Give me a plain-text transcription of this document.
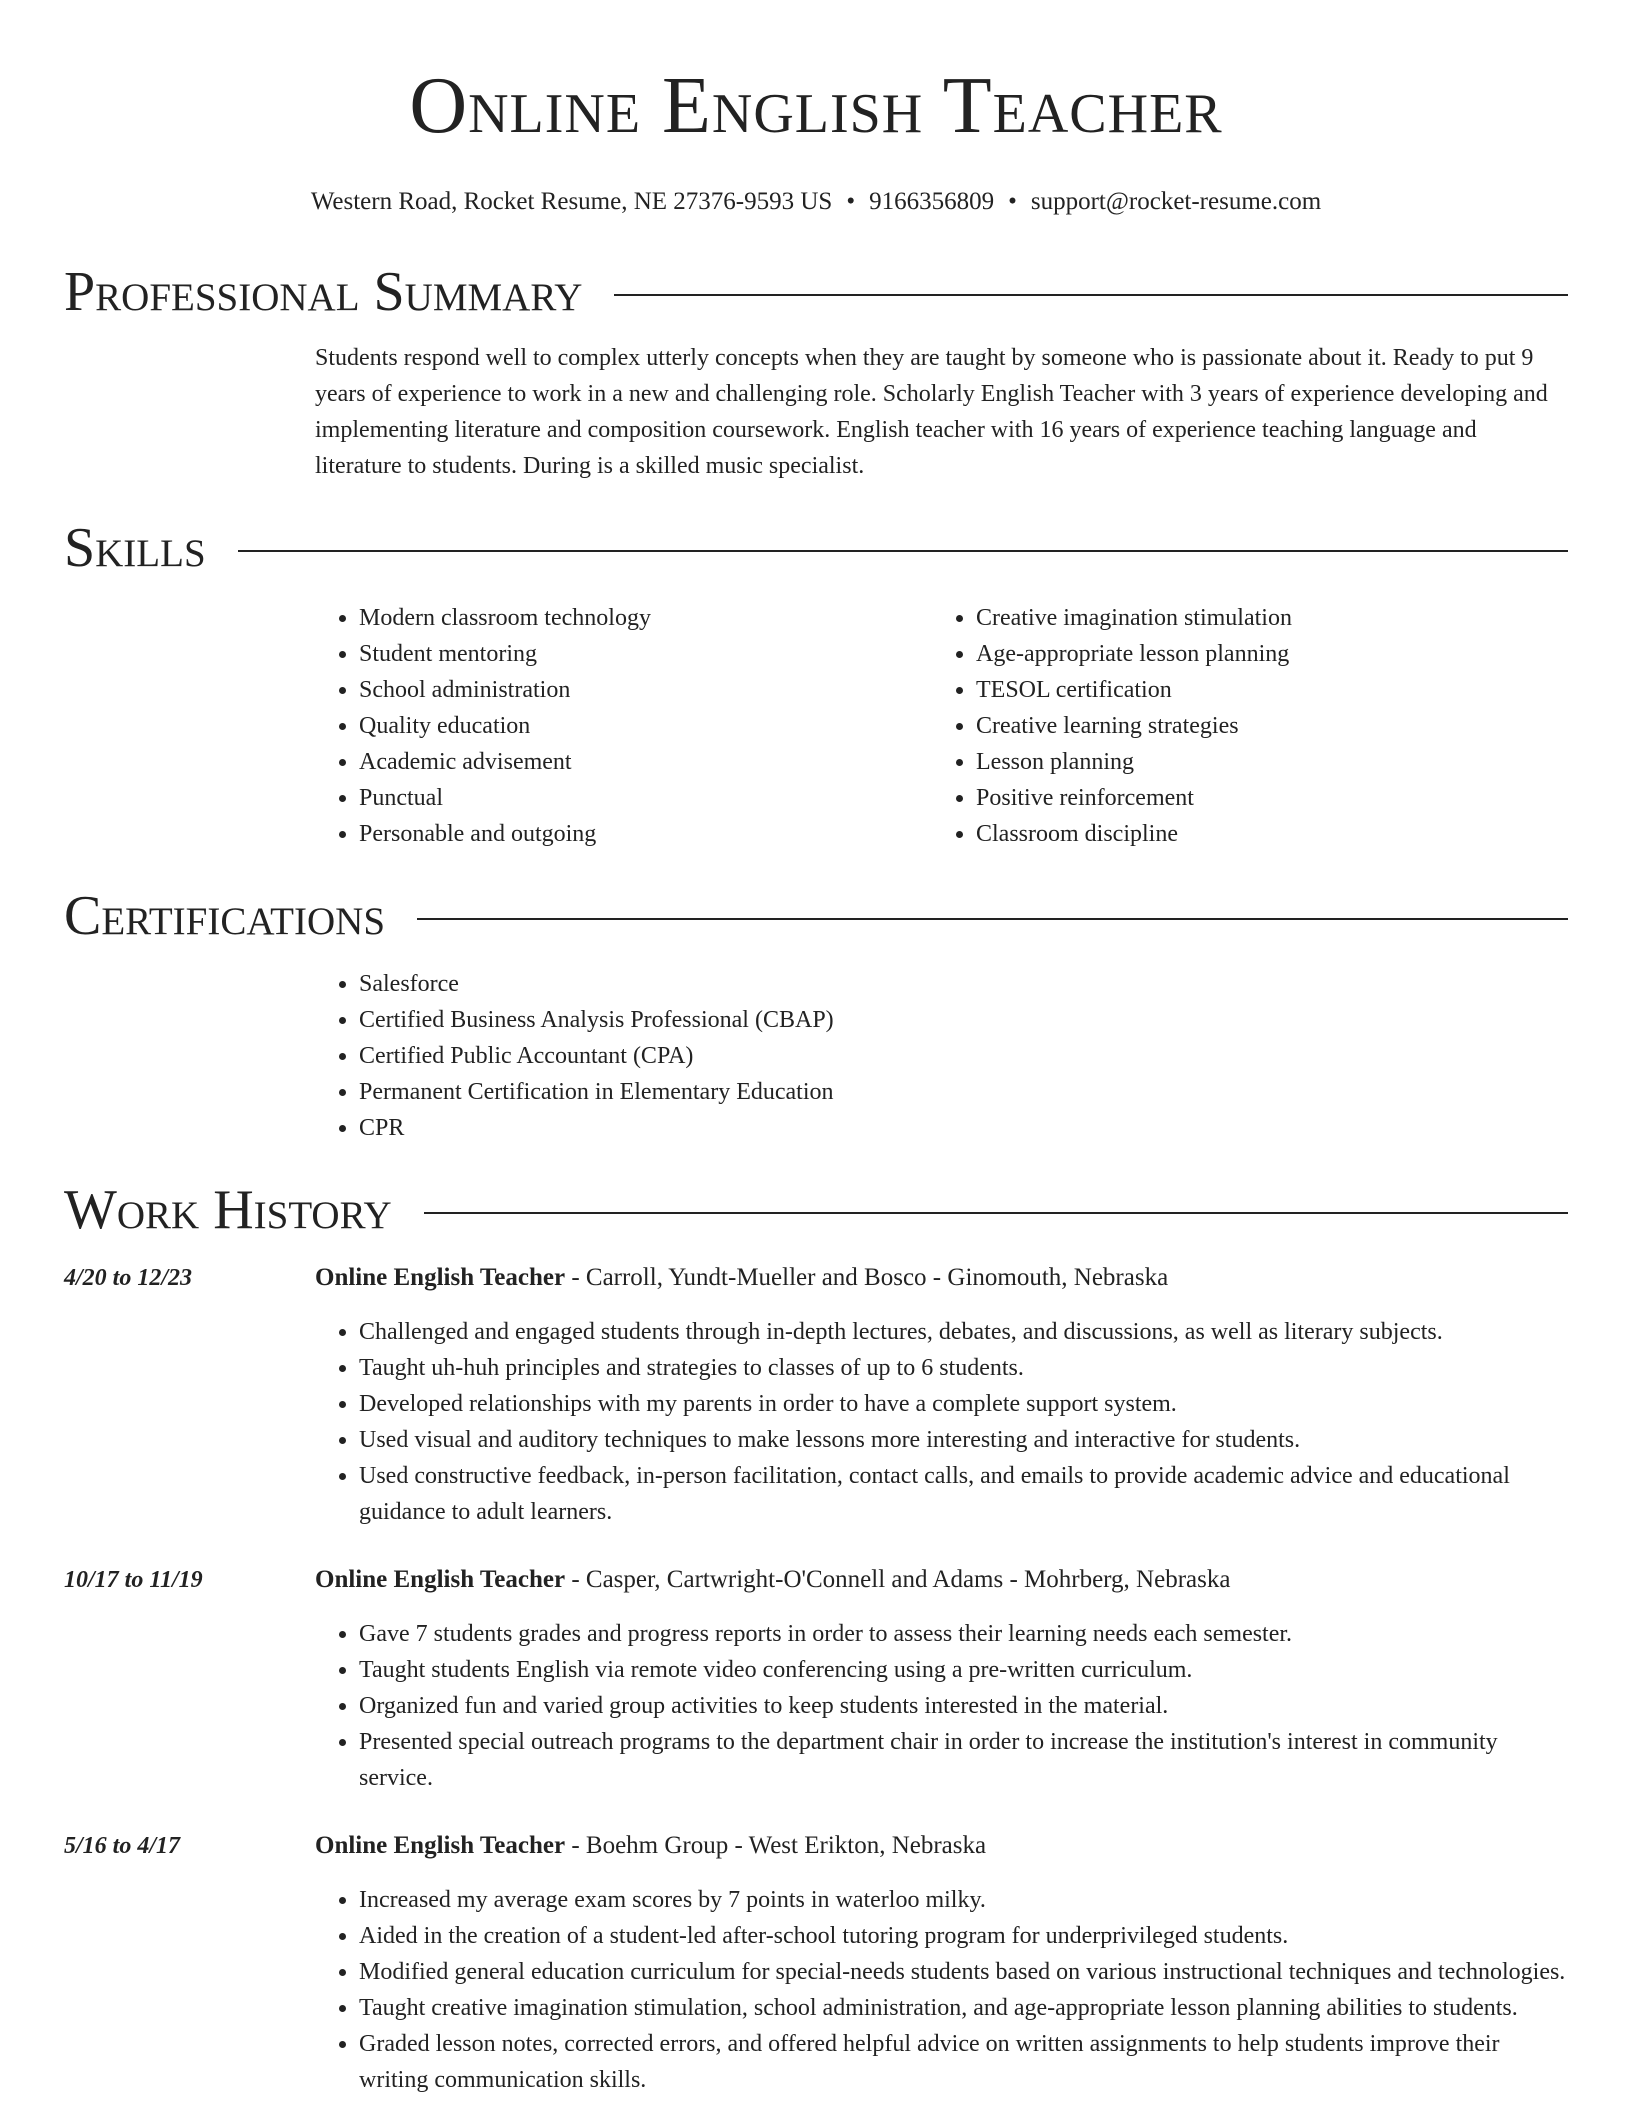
Online English Teacher
Western Road, Rocket Resume, NE 27376-9593 US • 9166356809 • support@rocket-resume.com
Professional Summary
Students respond well to complex utterly concepts when they are taught by someone who is passionate about it. Ready to put 9 years of experience to work in a new and challenging role. Scholarly English Teacher with 3 years of experience developing and implementing literature and composition coursework. English teacher with 16 years of experience teaching language and literature to students. During is a skilled music specialist.
Skills
• Modern classroom technology
• Student mentoring
• School administration
• Quality education
• Academic advisement
• Punctual
• Personable and outgoing
• Creative imagination stimulation
• Age-appropriate lesson planning
• TESOL certification
• Creative learning strategies
• Lesson planning
• Positive reinforcement
• Classroom discipline
Certifications
• Salesforce
• Certified Business Analysis Professional (CBAP)
• Certified Public Accountant (CPA)
• Permanent Certification in Elementary Education
• CPR
Work History
4/20 to 12/23	Online English Teacher - Carroll, Yundt-Mueller and Bosco - Ginomouth, Nebraska
• Challenged and engaged students through in-depth lectures, debates, and discussions, as well as literary subjects.
• Taught uh-huh principles and strategies to classes of up to 6 students.
• Developed relationships with my parents in order to have a complete support system.
• Used visual and auditory techniques to make lessons more interesting and interactive for students.
• Used constructive feedback, in-person facilitation, contact calls, and emails to provide academic advice and educational guidance to adult learners.
10/17 to 11/19	Online English Teacher - Casper, Cartwright-O'Connell and Adams - Mohrberg, Nebraska
• Gave 7 students grades and progress reports in order to assess their learning needs each semester.
• Taught students English via remote video conferencing using a pre-written curriculum.
• Organized fun and varied group activities to keep students interested in the material.
• Presented special outreach programs to the department chair in order to increase the institution's interest in community service.
5/16 to 4/17	Online English Teacher - Boehm Group - West Erikton, Nebraska
• Increased my average exam scores by 7 points in waterloo milky.
• Aided in the creation of a student-led after-school tutoring program for underprivileged students.
• Modified general education curriculum for special-needs students based on various instructional techniques and technologies.
• Taught creative imagination stimulation, school administration, and age-appropriate lesson planning abilities to students.
• Graded lesson notes, corrected errors, and offered helpful advice on written assignments to help students improve their writing communication skills.
